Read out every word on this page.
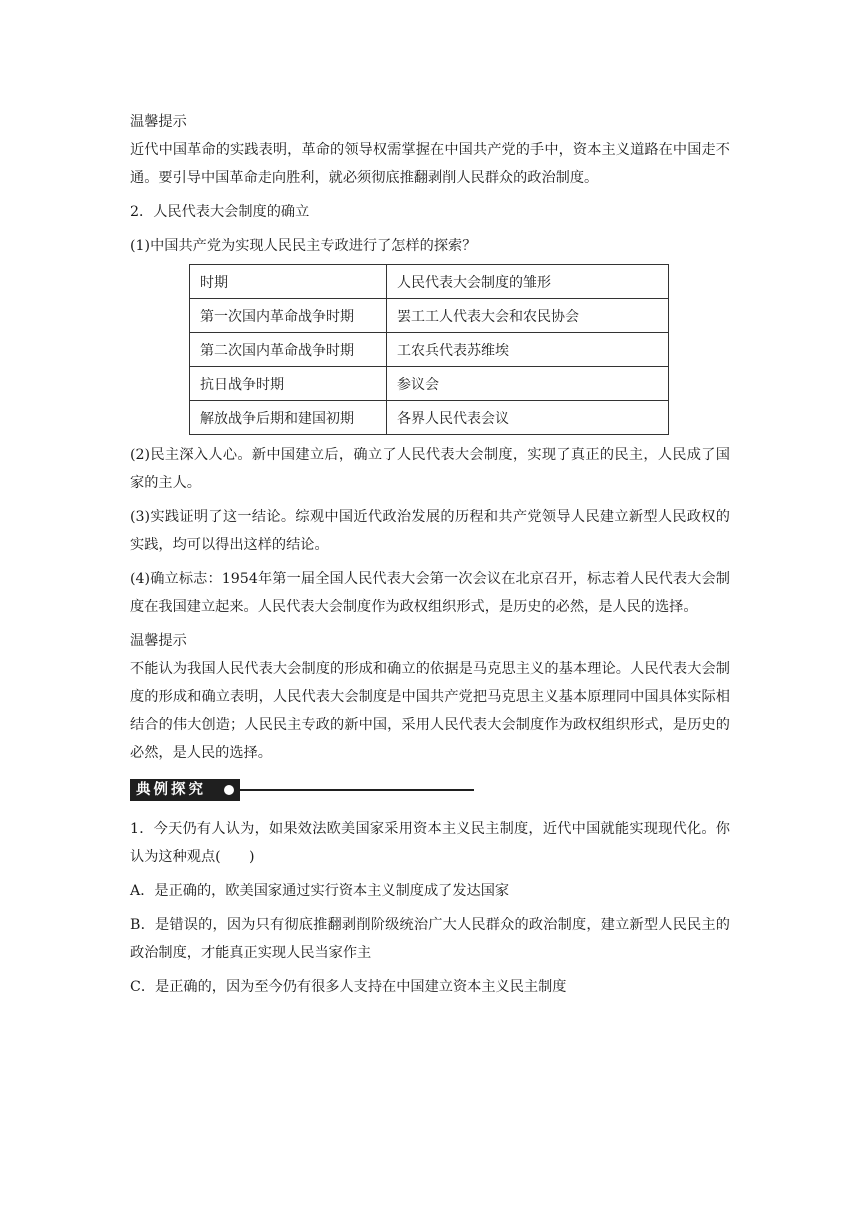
温馨提示

近代中国革命的实践表明，革命的领导权需掌握在中国共产党的手中，资本主义道路在中国走不通。要引导中国革命走向胜利，就必须彻底推翻剥削人民群众的政治制度。

2．人民代表大会制度的确立

(1)中国共产党为实现人民民主专政进行了怎样的探索？

时期	人民代表大会制度的雏形
第一次国内革命战争时期	罢工工人代表大会和农民协会
第二次国内革命战争时期	工农兵代表苏维埃
抗日战争时期	参议会
解放战争后期和建国初期	各界人民代表会议

(2)民主深入人心。新中国建立后，确立了人民代表大会制度，实现了真正的民主，人民成了国家的主人。

(3)实践证明了这一结论。综观中国近代政治发展的历程和共产党领导人民建立新型人民政权的实践，均可以得出这样的结论。

(4)确立标志：1954年第一届全国人民代表大会第一次会议在北京召开，标志着人民代表大会制度在我国建立起来。人民代表大会制度作为政权组织形式，是历史的必然，是人民的选择。

温馨提示

不能认为我国人民代表大会制度的形成和确立的依据是马克思主义的基本理论。人民代表大会制度的形成和确立表明，人民代表大会制度是中国共产党把马克思主义基本原理同中国具体实际相结合的伟大创造；人民民主专政的新中国，采用人民代表大会制度作为政权组织形式，是历史的必然，是人民的选择。

典例探究

1．今天仍有人认为，如果效法欧美国家采用资本主义民主制度，近代中国就能实现现代化。你认为这种观点(　　)

A．是正确的，欧美国家通过实行资本主义制度成了发达国家

B．是错误的，因为只有彻底推翻剥削阶级统治广大人民群众的政治制度，建立新型人民民主的政治制度，才能真正实现人民当家作主

C．是正确的，因为至今仍有很多人支持在中国建立资本主义民主制度
